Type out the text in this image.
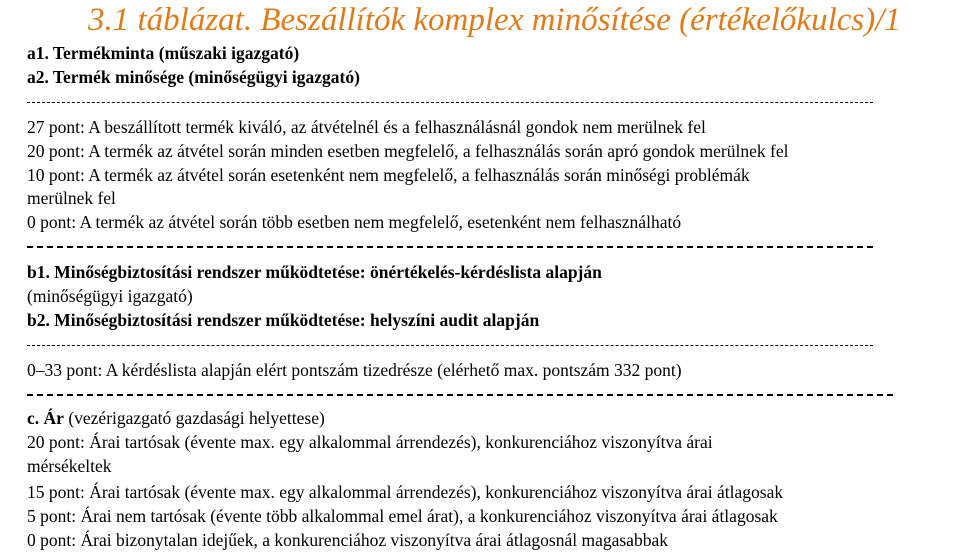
3.1 táblázat. Beszállítók komplex minősítése (értékelőkulcs)/1
a1. Termékminta (műszaki igazgató)
a2. Termék minősége (minőségügyi igazgató)
27 pont: A beszállított termék kiváló, az átvételnél és a felhasználásnál gondok nem merülnek fel
20 pont: A termék az átvétel során minden esetben megfelelő, a felhasználás során apró gondok merülnek fel
10 pont: A termék az átvétel során esetenként nem megfelelő, a felhasználás során minőségi problémák
merülnek fel
0 pont: A termék az átvétel során több esetben nem megfelelő, esetenként nem felhasználható
b1. Minőségbiztosítási rendszer működtetése: önértékelés-kérdéslista alapján
(minőségügyi igazgató)
b2. Minőségbiztosítási rendszer működtetése: helyszíni audit alapján
0–33 pont: A kérdéslista alapján elért pontszám tizedrésze (elérhető max. pontszám 332 pont)
c. Ár (vezérigazgató gazdasági helyettese)
20 pont: Árai tartósak (évente max. egy alkalommal árrendezés), konkurenciához viszonyítva árai
mérsékeltek
15 pont: Árai tartósak (évente max. egy alkalommal árrendezés), konkurenciához viszonyítva árai átlagosak
5 pont: Árai nem tartósak (évente több alkalommal emel árat), a konkurenciához viszonyítva árai átlagosak
0 pont: Árai bizonytalan idejűek, a konkurenciához viszonyítva árai átlagosnál magasabbak
